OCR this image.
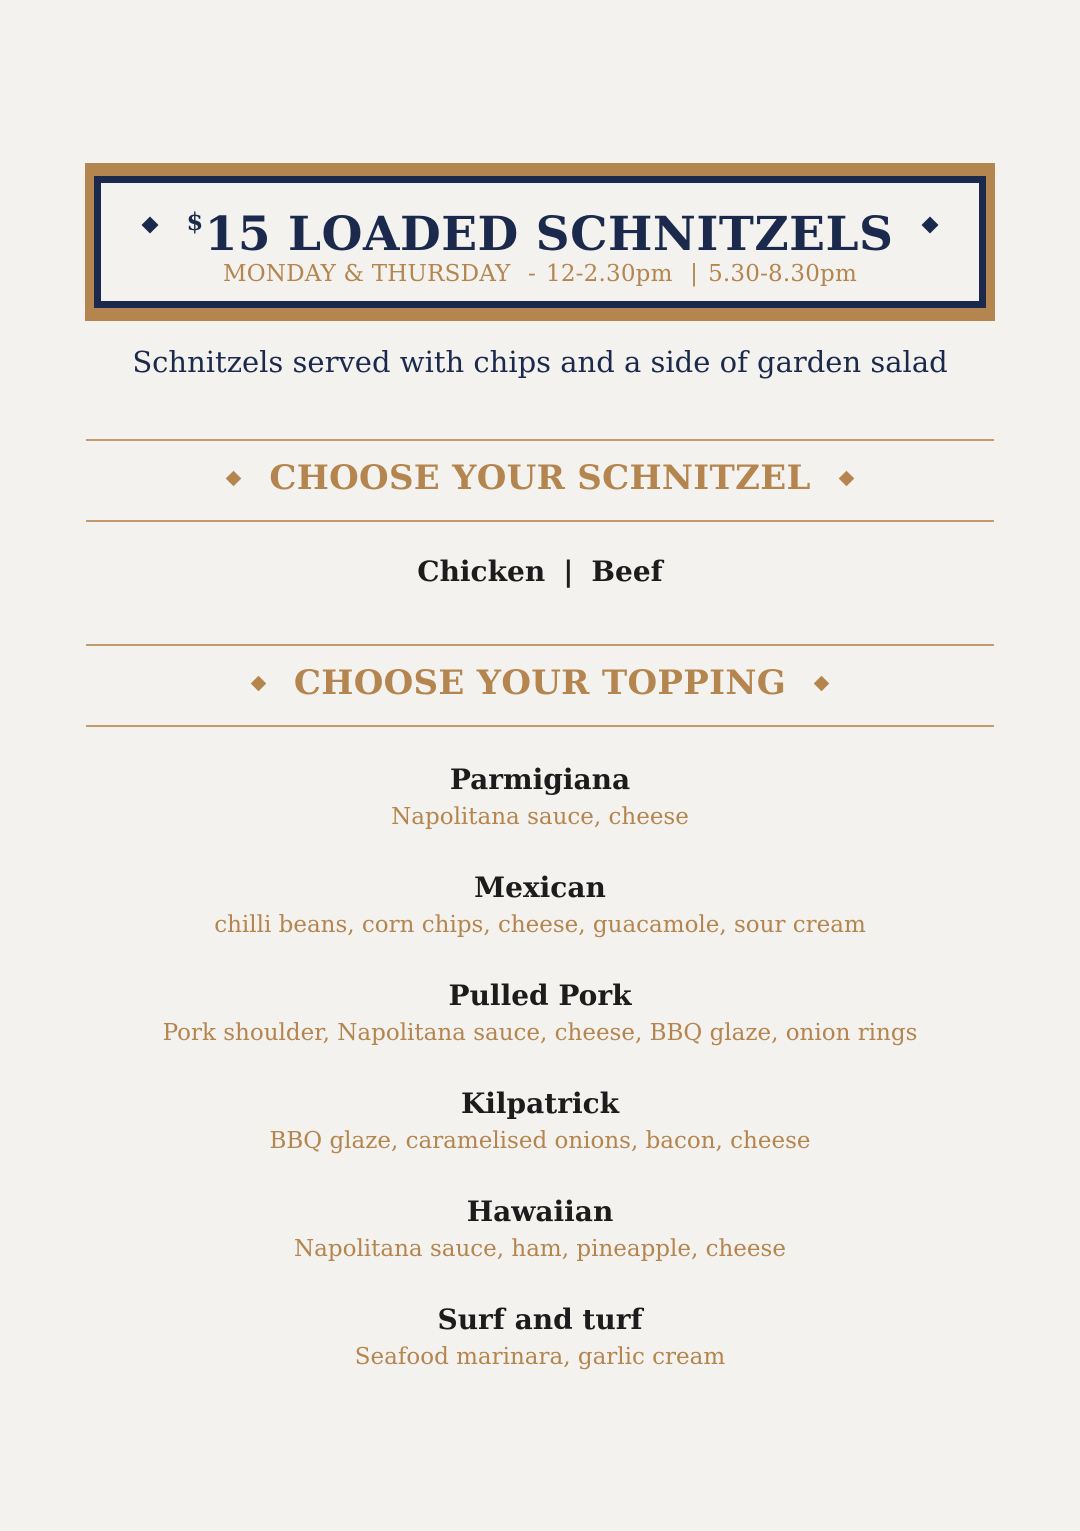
$15 LOADED SCHNITZELS
MONDAY & THURSDAY - 12-2.30pm | 5.30-8.30pm
Schnitzels served with chips and a side of garden salad
CHOOSE YOUR SCHNITZEL
Chicken | Beef
CHOOSE YOUR TOPPING
Parmigiana
Napolitana sauce, cheese
Mexican
chilli beans, corn chips, cheese, guacamole, sour cream
Pulled Pork
Pork shoulder, Napolitana sauce, cheese, BBQ glaze, onion rings
Kilpatrick
BBQ glaze, caramelised onions, bacon, cheese
Hawaiian
Napolitana sauce, ham, pineapple, cheese
Surf and turf
Seafood marinara, garlic cream
